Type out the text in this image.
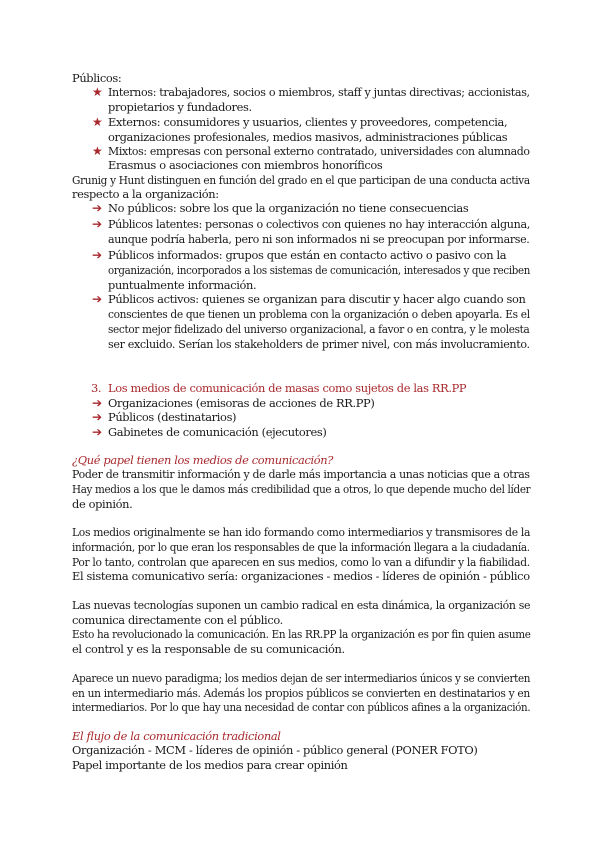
Públicos:
★ Internos: trabajadores, socios o miembros, staff y juntas directivas; accionistas,
propietarios y fundadores.
★ Externos: consumidores y usuarios, clientes y proveedores, competencia,
organizaciones profesionales, medios masivos, administraciones públicas
★ Mixtos: empresas con personal externo contratado, universidades con alumnado
Erasmus o asociaciones con miembros honoríficos
Grunig y Hunt distinguen en función del grado en el que participan de una conducta activa
respecto a la organización:
➔ No públicos: sobre los que la organización no tiene consecuencias
➔ Públicos latentes: personas o colectivos con quienes no hay interacción alguna,
aunque podría haberla, pero ni son informados ni se preocupan por informarse.
➔ Públicos informados: grupos que están en contacto activo o pasivo con la
organización, incorporados a los sistemas de comunicación, interesados y que reciben
puntualmente información.
➔ Públicos activos: quienes se organizan para discutir y hacer algo cuando son
conscientes de que tienen un problema con la organización o deben apoyarla. Es el
sector mejor fidelizado del universo organizacional, a favor o en contra, y le molesta
ser excluido. Serían los stakeholders de primer nivel, con más involucramiento.
3. Los medios de comunicación de masas como sujetos de las RR.PP
➔ Organizaciones (emisoras de acciones de RR.PP)
➔ Públicos (destinatarios)
➔ Gabinetes de comunicación (ejecutores)
¿Qué papel tienen los medios de comunicación?
Poder de transmitir información y de darle más importancia a unas noticias que a otras
Hay medios a los que le damos más credibilidad que a otros, lo que depende mucho del líder
de opinión.
Los medios originalmente se han ido formando como intermediarios y transmisores de la
información, por lo que eran los responsables de que la información llegara a la ciudadanía.
Por lo tanto, controlan que aparecen en sus medios, como lo van a difundir y la fiabilidad.
El sistema comunicativo sería: organizaciones - medios - líderes de opinión - público
Las nuevas tecnologías suponen un cambio radical en esta dinámica, la organización se
comunica directamente con el público.
Esto ha revolucionado la comunicación. En las RR.PP la organización es por fin quien asume
el control y es la responsable de su comunicación.
Aparece un nuevo paradigma; los medios dejan de ser intermediarios únicos y se convierten
en un intermediario más. Además los propios públicos se convierten en destinatarios y en
intermediarios. Por lo que hay una necesidad de contar con públicos afines a la organización.
El flujo de la comunicación tradicional
Organización - MCM - líderes de opinión - público general (PONER FOTO)
Papel importante de los medios para crear opinión
